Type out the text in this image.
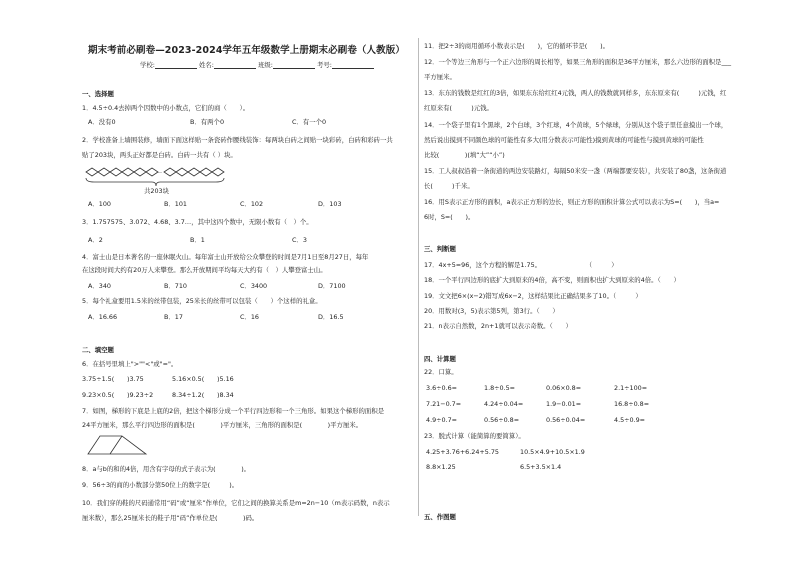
期末考前必刷卷—2023-2024学年五年级数学上册期末必刷卷（人教版）
学校:	姓名:	班级:	考号:
一、选择题
1．4.5÷0.4去掉两个因数中的小数点，它们的商（　　）。
A．没有0	B．有两个0	C．有一个0
2．学校准备上墙围装修，墙面下面这样贴一条瓷砖作腰线装饰：每两块白砖之间贴一块彩砖，白砖和彩砖一共
贴了203块，两头正好都是白砖。白砖一共有（ ）块。
…
共203块
A．100	B．101	C．102	D．103
3．1.757575、3.072、4.6̇8、3.7̇…，其中这四个数中，无限小数有（　）个。
A．2	B．1	C．3
4．富士山是日本著名的一座休眠火山。每年富士山开放给公众攀登的时间是7月1日至8月27日，每年
在这段时间大约有20万人来攀登。那么开放期间平均每天大约有（　）人攀登富士山。
A．340	B．710	C．3400	D．7100
5．每个礼盒要用1.5米的丝带包装，25米长的丝带可以包装（　　）个这样的礼盒。
A．16.66	B．17	C．16	D．16.5
二、填空题
6．在括号里填上">""<"或"="。
3.75÷1.5(　　)3.75	5.16×0.5(　　)5.16
9.23×0.5(　　)9.23÷2	8.34÷1.2(　　)8.34
7．如图，梯形的下底是上底的2倍，把这个梯形分成一个平行四边形和一个三角形。如果这个梯形的面积是
24平方厘米，那么平行四边形的面积是(　　　　)平方厘米，三角形的面积是(　　　　)平方厘米。
8．a与b的和的4倍，用含有字母的式子表示为(　　　　)。
9．56÷3的商的小数部分第50位上的数字是(　　　)。
10．我们穿的鞋的尺码通常用“码”或“厘米”作单位，它们之间的换算关系是m=2n−10（m表示码数，n表示
厘米数），那么25厘米长的鞋子用“码”作单位是(　　　　)码。
11．把2÷3的商用循环小数表示是(　　)，它的循环节是(　　)。
12．一个等边三角形与一个正六边形的周长相等，如果三角形的面积是36平方厘米，那么六边形的面积是___
平方厘米。
13．东东的钱数是红红的3倍，如果东东给红红4元钱，两人的钱数就同样多，东东原来有(　　　)元钱，红
红原来有(　　　)元钱。
14．一个袋子里有1个黑球，2个白球，3个红球，4个黄球，5个绿球，分别从这个袋子里任意摸出一个球，
然后说出摸到不同颜色球的可能性有多大(用分数表示可能性)摸到黄球的可能性与摸到黄球的可能性
比较(　　　　)(填“大”“小”)
15．工人叔叔沿着一条街道的两边安装路灯，每隔50米安一盏（两端都要安装），共安装了80盏，这条街道
长(　　　)千米。
16．用S表示正方形的面积，a表示正方形的边长，则正方形的面积计算公式可以表示为S=(　　)，当a=
6时，S=(　　)。
三、判断题
17．4x+5=96，这个方程的解是1.75。　　　　　　　　（　　　）
18．一个平行四边形的底扩大到原来的4倍，高不变，则面积也扩大到原来的4倍。（　　）
19．文文把6×(x−2)错写成6x−2，这样结果比正确结果多了10。（　　　）
20．用数对(3，5)表示第5列，第3行。（　　）
21．n表示自然数，2n+1就可以表示奇数。（　　）
四、计算题
22．口算。
3.6÷0.6=	1.8÷0.5=	0.06×0.8=	2.1÷100=
7.21−0.7=	4.24÷0.04=	1.9−0.01=	16.8÷0.8=
4.9÷0.7=	0.56÷0.8=	0.56÷0.04=	4.5÷0.9=
23．脱式计算（能简算的要简算）。
4.25+3.76+6.24+5.75	10.5×4.9+10.5×1.9
8.8×1.25	6.5+3.5×1.4
五、作图题
